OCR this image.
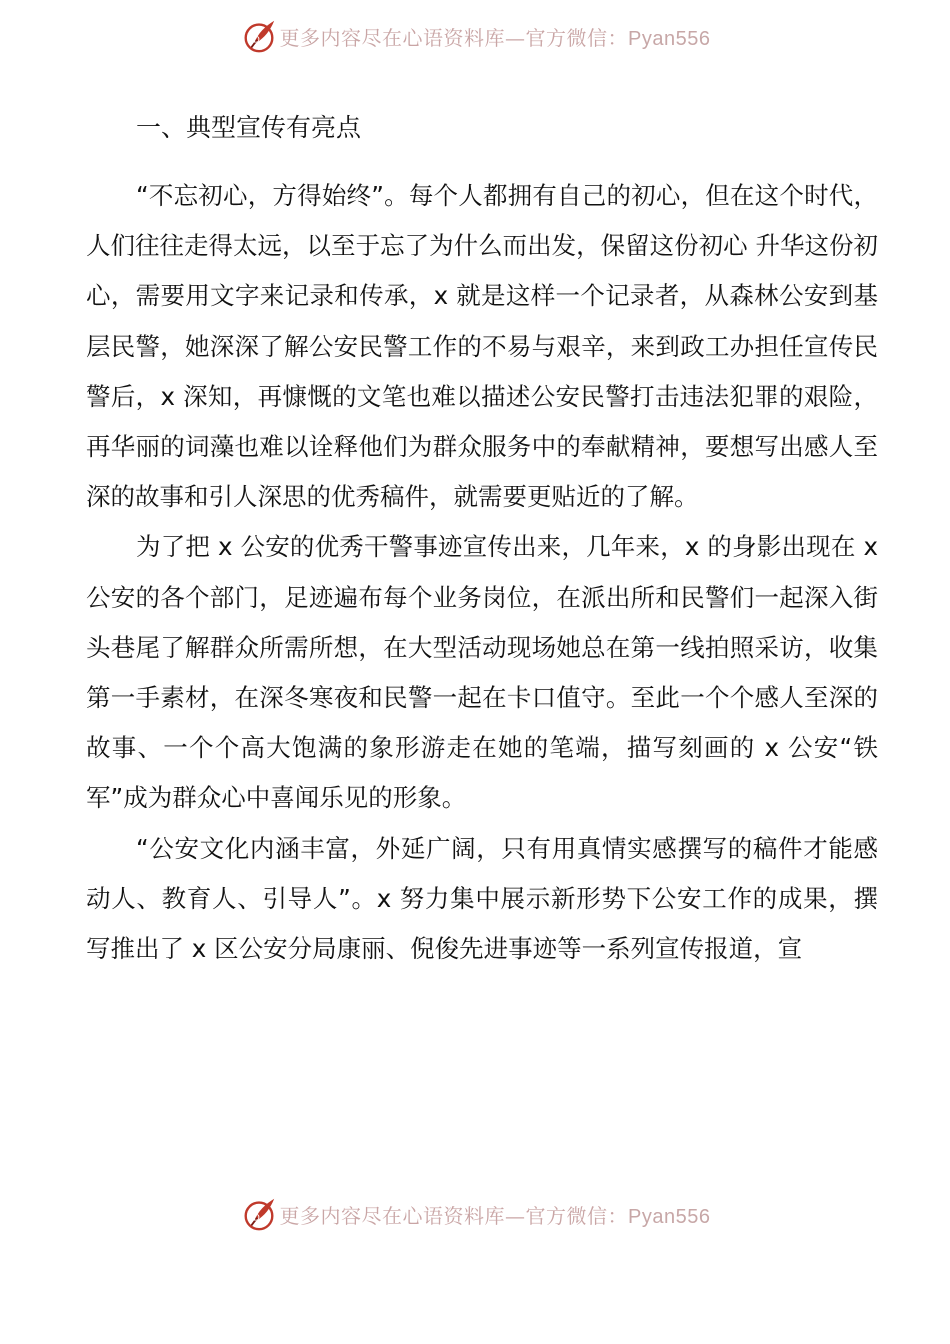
D 更多内容尽在心语资料库—官方微信：Pyan556
一、典型宣传有亮点

“不忘初心，方得始终”。每个人都拥有自己的初心，但在这个时代，人们往往走得太远，以至于忘了为什么而出发，保留这份初心 升华这份初心，需要用文字来记录和传承，x 就是这样一个记录者，从森林公安到基层民警，她深深了解公安民警工作的不易与艰辛，来到政工办担任宣传民警后，x 深知，再慷慨的文笔也难以描述公安民警打击违法犯罪的艰险，再华丽的词藻也难以诠释他们为群众服务中的奉献精神，要想写出感人至深的故事和引人深思的优秀稿件，就需要更贴近的了解。

为了把 x 公安的优秀干警事迹宣传出来，几年来，x 的身影出现在 x 公安的各个部门，足迹遍布每个业务岗位，在派出所和民警们一起深入街头巷尾了解群众所需所想，在大型活动现场她总在第一线拍照采访，收集第一手素材，在深冬寒夜和民警一起在卡口值守。至此一个个感人至深的故事、一个个高大饱满的象形游走在她的笔端，描写刻画的 x 公安“铁军”成为群众心中喜闻乐见的形象。

“公安文化内涵丰富，外延广阔，只有用真情实感撰写的稿件才能感动人、教育人、引导人”。x 努力集中展示新形势下公安工作的成果，撰写推出了 x 区公安分局康丽、倪俊先进事迹等一系列宣传报道，宣

D 更多内容尽在心语资料库—官方微信：Pyan556
